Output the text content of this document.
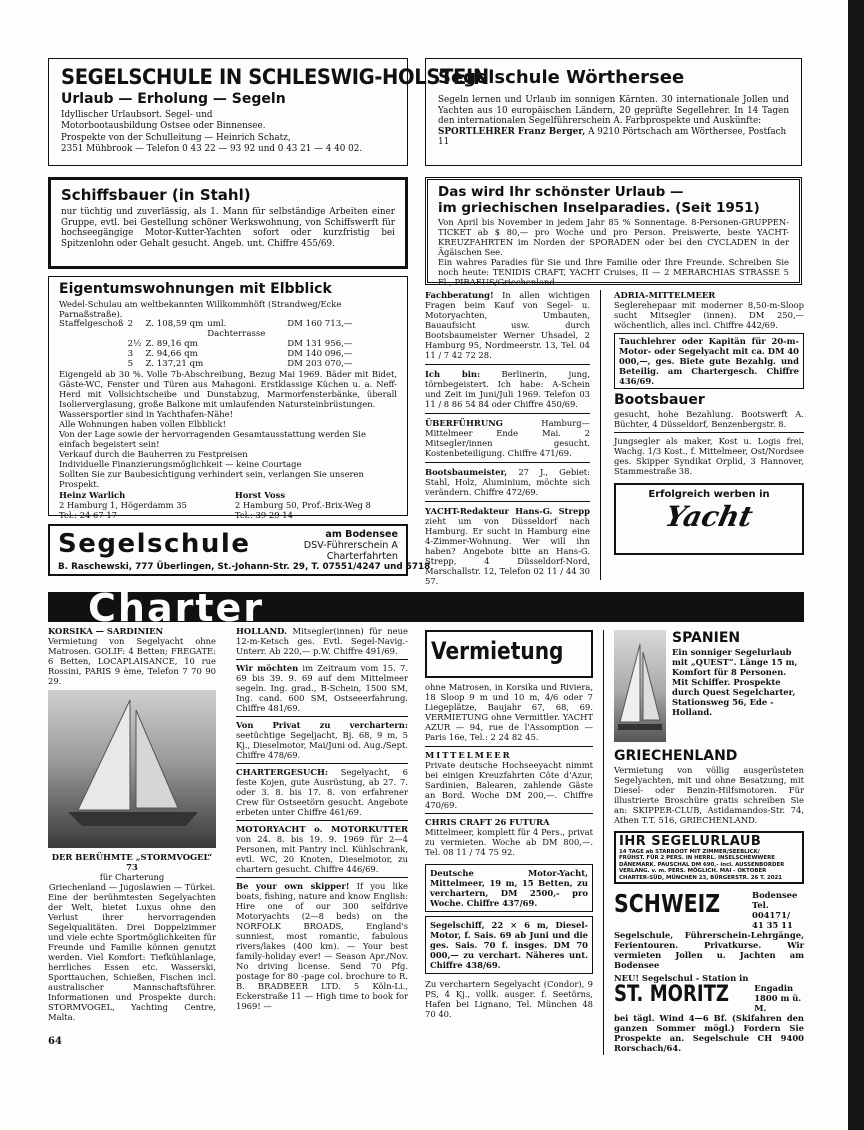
SEGELSCHULE IN SCHLESWIG-HOLSTEIN
Urlaub — Erholung — Segeln

Idyllischer Urlaubsort. Segel- und Motorbootausbildung Ostsee oder Binnensee.

Prospekte von der Schulleitung — Heinrich Schatz,

2351 Mühbrook — Telefon 0 43 22 — 93 92 und 0 43 21 — 4 40 02.

Segelschule Wörthersee

Segeln lernen und Urlaub im sonnigen Kärnten. 30 internationale Jollen und Yachten aus 10 europäischen Ländern, 20 geprüfte Segellehrer. In 14 Tagen den internationalen Segelführerschein A. Farbprospekte und Auskünfte:

SPORTLEHRER Franz Berger, A 9210 Pörtschach am Wörthersee, Postfach 11

Schiffsbauer (in Stahl)

nur tüchtig und zuverlässig, als 1. Mann für selbständige Arbeiten einer Gruppe, evtl. bei Gestellung schöner Werkswohnung, von Schiffswerft für hochseegängige Motor-Kutter-Yachten sofort oder kurzfristig bei Spitzenlohn oder Gehalt gesucht. Angeb. unt. Chiffre 455/69.

Das wird Ihr schönster Urlaub —
im griechischen Inselparadies. (Seit 1951)

Von April bis November in jedem Jahr 85 % Sonnentage. 8-Personen-GRUPPEN-TICKET ab $ 80,— pro Woche und pro Person. Preiswerte, beste YACHT-KREUZFAHRTEN im Norden der SPORADEN oder bei den CYCLADEN in der Ägäischen See.

Ein wahres Paradies für Sie und Ihre Familie oder Ihre Freunde. Schreiben Sie noch heute: TENIDIS CRAFT, YACHT Cruises, II — 2 MERARCHIAS STRASSE 5 Fl., PIRAEUS/Griechenland.

Eigentumswohnungen mit Elbblick

Wedel-Schulau am weltbekannten Willkommhöft (Strandweg/Ecke Parnaßstraße).

Staffelgeschoß	2	Z. 108,59 qm	uml. Dachterrasse	DM 160 713,—
	2½	Z. 89,16 qm		DM 131 956,—
	3	Z. 94,66 qm		DM 140 096,—
	5	Z. 137,21 qm		DM 203 070,—

Eigengeld ab 30 %. Volle 7b-Abschreibung, Bezug Mai 1969. Bäder mit Bidet, Gäste-WC, Fenster und Türen aus Mahagoni. Erstklassige Küchen u. a. Neff-Herd mit Vollsichtscheibe und Dunstabzug, Marmorfensterbänke, überall Isolierverglasung, große Balkone mit umlaufenden Natursteinbrüstungen.

Wassersportler sind in Yachthafen-Nähe!

Alle Wohnungen haben vollen Elbblick!

Von der Lage sowie der hervorragenden Gesamtausstattung werden Sie einfach begeistert sein!

Verkauf durch die Bauherren zu Festpreisen

Individuelle Finanzierungsmöglichkeit — keine Courtage

Sollten Sie zur Baubesichtigung verhindert sein, verlangen Sie unseren Prospekt.

Heinz Warlich

2 Hamburg 1, Högerdamm 35

Tel.: 24 67 17

Horst Voss

2 Hamburg 50, Prof.-Brix-Weg 8

Tel.: 39 29 14

Segelschule	am Bodensee

DSV-Führerschein A

Charterfahrten

B. Raschewski, 777 Überlingen, St.-Johann-Str. 29, T. 07551/4247 und 5718

Fachberatung! In allen wichtigen Fragen beim Kauf von Segel- u. Motoryachten, Umbauten, Bauaufsicht usw. durch Bootsbaumeister Werner Uhsadel, 2 Hamburg 95, Nordmeerstr. 13, Tel. 04 11 / 7 42 72 28.
Ich bin:	Berlinerin, jung, törnbegeistert. Ich habe: A-Schein und Zeit im Juni/Juli 1969. Telefon 03 11 / 8 86 54 84 oder Chiffre 450/69.
ÜBERFÜHRUNG	Hamburg—Mittelmeer Ende Mai. 2 Mitsegler/innen gesucht. Kostenbeteiligung. Chiffre 471/69.
Bootsbaumeister, 27 J., Gebiet: Stahl, Holz, Aluminium, möchte sich verändern. Chiffre 472/69.
YACHT-Redakteur Hans-G. Strepp zieht um von Düsseldorf nach Hamburg. Er sucht in Hamburg eine 4-Zimmer-Wohnung. Wer will ihn haben? Angebote bitte an Hans-G. Strepp, 4 Düsseldorf-Nord, Marschallstr. 12, Telefon 02 11 / 44 30 57.

ADRIA-MITTELMEER

Seglerehepaar mit moderner 8,50-m-Sloop sucht Mitsegler (innen). DM 250,— wöchentlich, alles incl. Chiffre 442/69.

Tauchlehrer oder Kapitän für 20-m-Motor- oder Segelyacht mit ca. DM 40 000,—, ges. Biete gute Bezahlg. und Beteilig. am Chartergesch. Chiffre 436/69.

Bootsbauer

gesucht, hohe Bezahlung. Bootswerft A. Büchter, 4 Düsseldorf, Benzenbergstr. 8.

Jungsegler als maker, Kost u. Logis frei, Wachg. 1/3 Kost., f. Mittelmeer, Ost/Nordsee ges. Skipper Syndikat Orplid, 3 Hannover, Stammestraße 38.

Erfolgreich werben in

Yacht

Charter

KORSIKA — SARDINIEN

Vermietung von Segelyacht ohne Matrosen. GOLIF: 4 Betten; FREGATE: 6 Betten, LOCAPLAISANCE, 10 rue Rossini, PARIS 9 ème, Telefon 7 70 90 29.

DER BERÜHMTE „STORMVOGEL“ 73

für Charterung

Griechenland — Jugoslawien — Türkei.

Eine der berühmtesten Segelyachten der Welt, bietet Luxus ohne den Verlust ihrer hervorragenden Segelqualitäten. Drei Doppelzimmer und viele echte Sportmöglichkeiten für Freunde und Familie können genutzt werden. Viel Komfort: Tiefkühlanlage, herrliches Essen etc. Wasserski, Sporttauchen, Schießen, Fischen incl. australischer Mannschaftsführer. Informationen und Prospekte durch: STORMVOGEL, Yachting Centre, Malta.

64

HOLLAND. Mitsegler(innen) für neue 12-m-Ketsch ges. Evtl. Segel-Navig.-Unterr. Ab 220,— p.W. Chiffre 491/69.
Wir möchten im Zeitraum vom 15. 7. 69 bis 39. 9. 69 auf dem Mittelmeer segeln. Ing. grad., B-Schein, 1500 SM, Ing. cand. 600 SM, Ostseeerfahrung. Chiffre 481/69.
Von Privat zu verchartern: seetüchtige Segeljacht, Bj. 68, 9 m, 5 Kj., Dieselmotor, Mai/Juni od. Aug./Sept. Chiffre 478/69.
CHARTERGESUCH: Segelyacht, 6 feste Kojen, gute Ausrüstung, ab 27. 7. oder 3. 8. bis 17. 8. von erfahrener Crew für Ostseetörn gesucht. Angebote erbeten unter Chiffre 461/69.
MOTORYACHT o. MOTORKUTTER von 24. 8. bis 19. 9. 1969 für 2—4 Personen, mit Pantry incl. Kühlschrank, evtl. WC, 20 Knoten, Dieselmotor, zu chartern gesucht. Chiffre 446/69.
Be your own skipper! If you like boats, fishing, nature and know English: Hire one of our 300 selfdrive Motoryachts (2—8 beds) on the NORFOLK BROADS, England's sunniest, most romantic, fabulous rivers/lakes (400 km). — Your best family-holiday ever! — Season Apr./Nov. No driving license. Send 70 Pfg. postage for 80 -page col. brochure to R. B. BRADBEER LTD. 5 Köln-Li., Eckerstraße 11 — High time to book for 1969! —
Vermietung

ohne Matrosen, in Korsika und Riviera, 18 Sloop 9 m und 10 m, 4/6 oder 7 Liegeplätze, Baujahr 67, 68, 69. VERMIETUNG ohne Vermittler. YACHT AZUR — 94, rue de l'Assomption — Paris 16e, Tel.: 2 24 82 45.

MITTELMEER

Private deutsche Hochseeyacht nimmt bei einigen Kreuzfahrten Côte d'Azur, Sardinien, Balearen, zahlende Gäste an Bord. Woche DM 200,—. Chiffre 470/69.

CHRIS CRAFT 26 FUTURA

Mittelmeer, komplett für 4 Pers., privat zu vermieten. Woche ab DM 800,—. Tel. 08 11 / 74 75 92.

Deutsche Motor-Yacht, Mittelmeer, 19 m, 15 Betten, zu verchartern, DM 2500,- pro Woche. Chiffre 437/69.

Segelschiff, 22 × 6 m, Diesel-Motor, f. Sais. 69 ab Juni und die ges. Sais. 70 f. insges. DM 70 000,— zu verchart. Näheres unt. Chiffre 438/69.

Zu verchartern Segelyacht (Condor), 9 PS, 4 Kj., vollk. ausger. f. Seetörns, Hafen bei Lignano, Tel. München 48 70 40.

SPANIEN

Ein sonniger Segelurlaub mit „QUEST“. Länge 15 m, Komfort für 8 Personen. Mit Schiffer. Prospekte durch Quest Segelcharter, Stationsweg 56, Ede - Holland.

GRIECHENLAND

Vermietung von völlig ausgerüsteten Segelyachten, mit und ohne Besatzung, mit Diesel- oder Benzin-Hilfsmotoren. Für illustrierte Broschüre gratis schreiben Sie an: SKIPPER-CLUB, Astidamandos-Str. 74, Athen T.T. 516, GRIECHENLAND.

IHR SEGELURLAUB

14 TAGE ab STARBOOT MIT ZIMMER/SEEBLICK/

FRÜHST. FÜR 2 PERS. IN HERRL. INSELSCHEWWERE

DÄNEMARK. PAUSCHAL DM 690,- incl. AUSSENBORDER

VERLANG. v. m. PERS. MÖGLICH. MAI - OKTOBER

CHARTER-SÜD, MÜNCHEN 23, BÜRGERSTR. 26 T. 2021

SCHWEIZ	Bodensee

Tel. 004171/

41 35 11

Segelschule, Führerschein-Lehrgänge, Ferientouren. Privatkurse. Wir vermieten Jollen u. Jachten am Bodensee

NEU! Segelschul - Station in

ST. MORITZ	Engadin

1800 m ü. M.

bei tägl. Wind 4—6 Bf. (Skifahren den ganzen Sommer mögl.) Fordern Sie Prospekte an. Segelschule CH 9400 Rorschach/64.
